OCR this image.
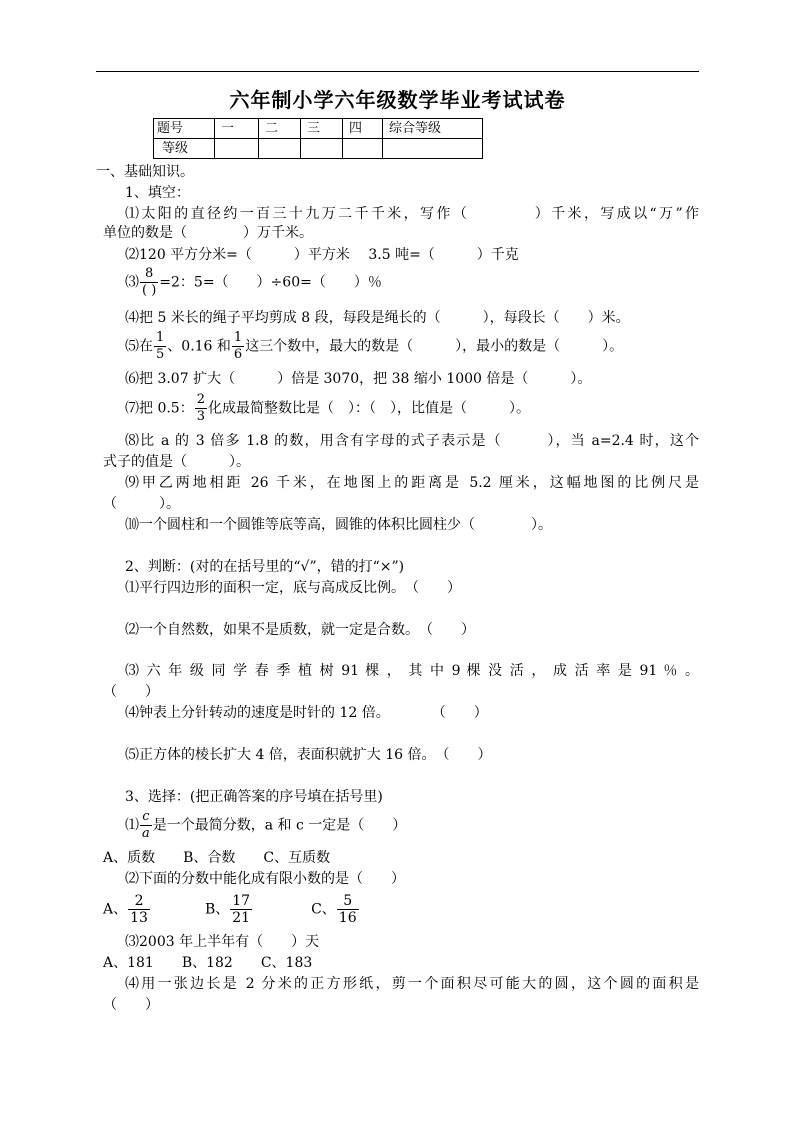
六年制小学六年级数学毕业考试试卷
题号	一	二	三	四	综合等级
等级					
一、基础知识。
1、填空：
⑴太阳的直径约一百三十九万二千千米，写作（　　　　）千米，写成以“万”作
单位的数是（　　　　）万千米。
⑵120 平方分米=（　　　）平方米　 3.5 吨=（　　　）千克
⑶ $\frac{8}{( )} =2$：5=（　　）÷60=（　　）％
⑷把 5 米长的绳子平均剪成 8 段，每段是绳长的（　　　），每段长（　　）米。
⑸在 $\frac{1}{5}$ 、0.16 和 $\frac{1}{6}$ 这三个数中，最大的数是（　　　），最小的数是（　　　）。
⑹把 3.07 扩大（　　　）倍是 3070，把 38 缩小 1000 倍是（　　　）。
⑺把 0.5： $\frac{2}{3}$ 化成最简整数比是（　）：（　），比值是（　　　）。
⑻比 a 的 3 倍多 1.8 的数，用含有字母的式子表示是（　　　），当 a=2.4 时，这个
式子的值是（　　　）。
⑼甲乙两地相距 26 千米，在地图上的距离是 5.2 厘米，这幅地图的比例尺是
（　　　）。
⑽一个圆柱和一个圆锥等底等高，圆锥的体积比圆柱少（　　　　）。
2、判断：(对的在括号里的“√”，错的打“×”)
⑴平行四边形的面积一定，底与高成反比例。　（　　）
⑵一个自然数，如果不是质数，就一定是合数。　（　　）
⑶ 六 年 级 同 学 春 季 植 树 91 棵 ， 其 中 9 棵 没 活 ， 成 活 率 是 91 ％ 。
（　　）
⑷钟表上分针转动的速度是时针的 12 倍。　　　　（　　）
⑸正方体的棱长扩大 4 倍，表面积就扩大 16 倍。　（　　）
3、选择：(把正确答案的序号填在括号里)
⑴ $\frac{c}{a}$ 是一个最简分数，a 和 c 一定是（　　）
A、质数　　B、合数　　C、互质数
⑵下面的分数中能化成有限小数的是（　　）
A、 $\frac{2}{13}$	B、 $\frac{17}{21}$	C、 $\frac{5}{16}$
⑶2003 年上半年有（　　）天
A、181　　B、182　　C、183
⑷用一张边长是 2 分米的正方形纸，剪一个面积尽可能大的圆，这个圆的面积是
（　　）
